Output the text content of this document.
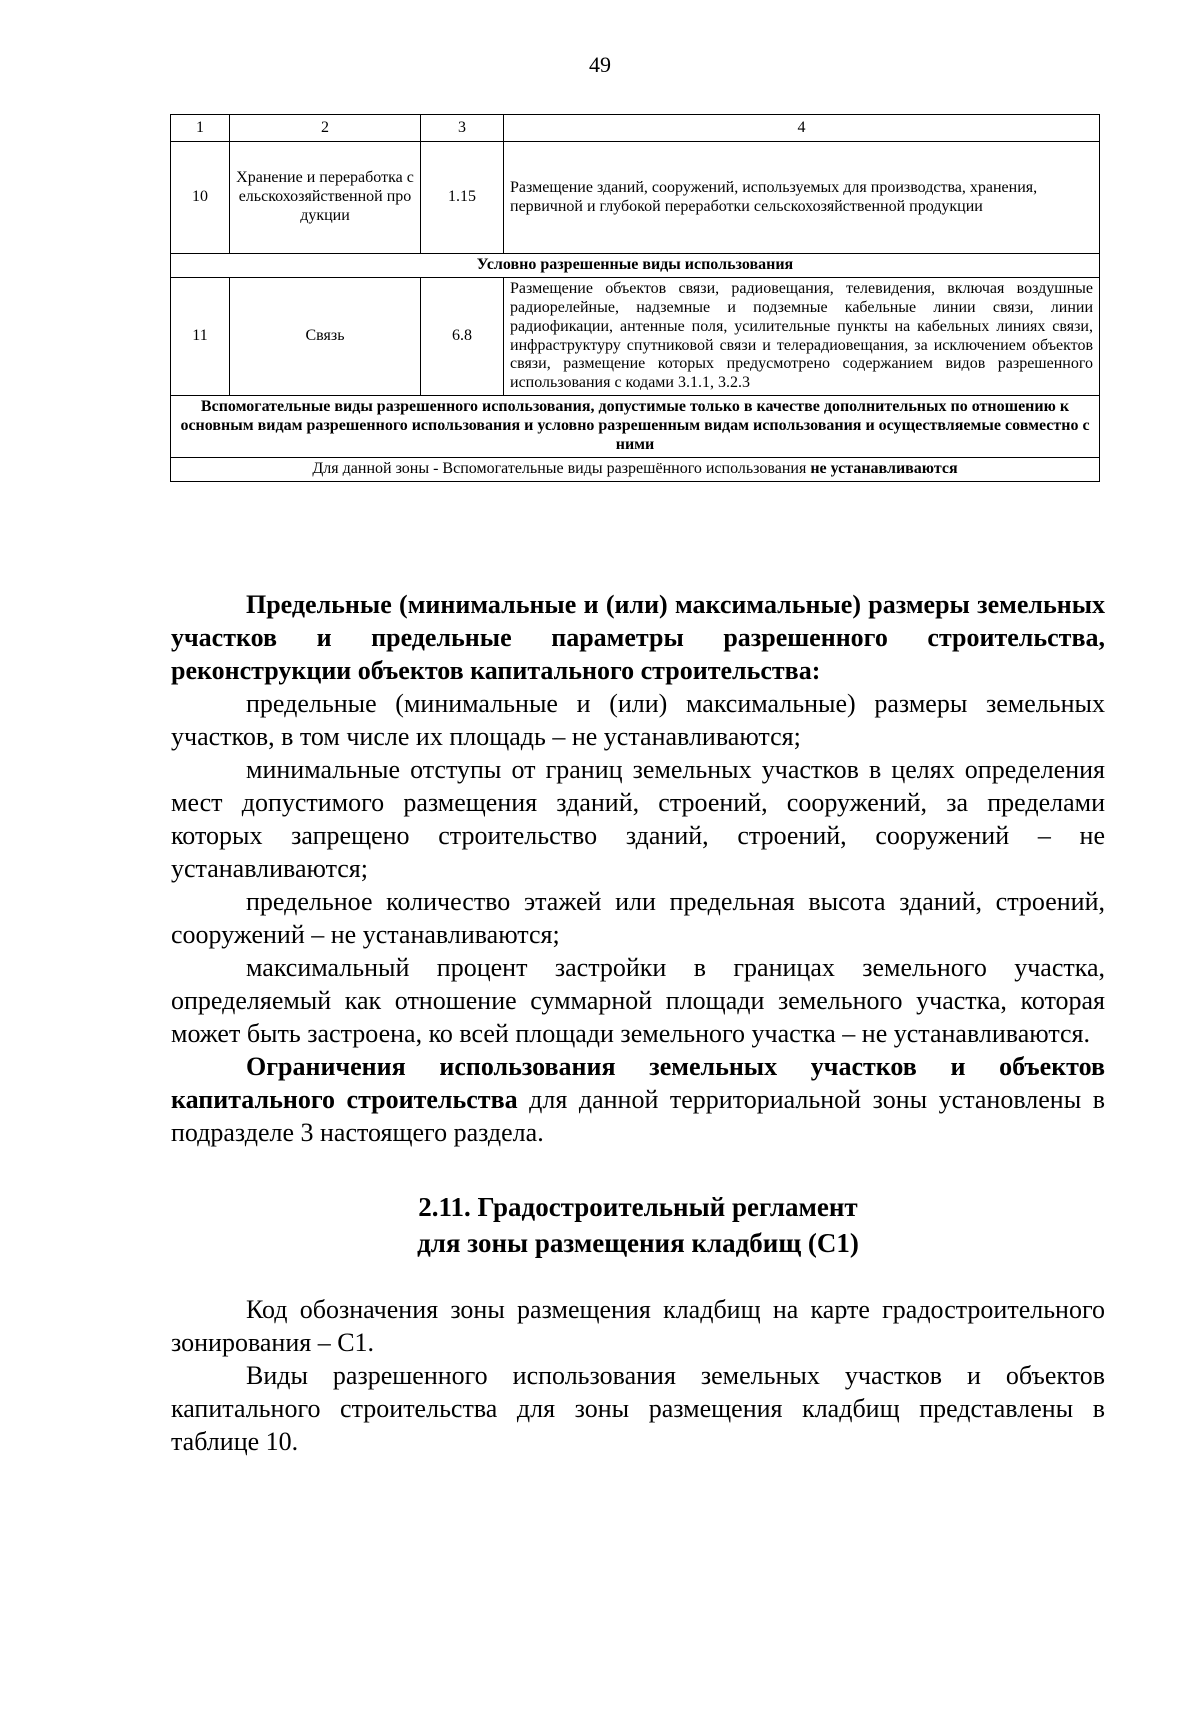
49
1	2	3	4
10	Хранение и переработка сельскохозяйственной продукции	1.15	Размещение зданий, сооружений, используемых для производства, хранения, первичной и глубокой переработки сельскохозяйственной продукции
Условно разрешенные виды использования			
11	Связь	6.8	Размещение объектов связи, радиовещания, телевидения, включая воздушные радиорелейные, надземные и подземные кабельные линии связи, линии радиофикации, антенные поля, усилительные пункты на кабельных линиях связи, инфраструктуру спутниковой связи и телерадиовещания, за исключением объектов связи, размещение которых предусмотрено содержанием видов разрешенного использования с кодами 3.1.1, 3.2.3
Вспомогательные виды разрешенного использования, допустимые только в качестве дополнительных по отношению к основным видам разрешенного использования и условно разрешенным видам использования и осуществляемые совместно с ними			
Для данной зоны - Вспомогательные виды разрешённого использования не устанавливаются			

Предельные (минимальные и (или) максимальные) размеры земельных участков и предельные параметры разрешенного строительства, реконструкции объектов капитального строительства:

предельные (минимальные и (или) максимальные) размеры земельных участков, в том числе их площадь – не устанавливаются;

минимальные отступы от границ земельных участков в целях определения мест допустимого размещения зданий, строений, сооружений, за пределами которых запрещено строительство зданий, строений, сооружений – не устанавливаются;

предельное количество этажей или предельная высота зданий, строений, сооружений – не устанавливаются;

максимальный процент застройки в границах земельного участка, определяемый как отношение суммарной площади земельного участка, которая может быть застроена, ко всей площади земельного участка – не устанавливаются.

Ограничения использования земельных участков и объектов капитального строительства для данной территориальной зоны установлены в подразделе 3 настоящего раздела.

2.11. Градостроительный регламент
для зоны размещения кладбищ (С1)

Код обозначения зоны размещения кладбищ на карте градостроительного зонирования – С1.

Виды разрешенного использования земельных участков и объектов капитального строительства для зоны размещения кладбищ представлены в таблице 10.
